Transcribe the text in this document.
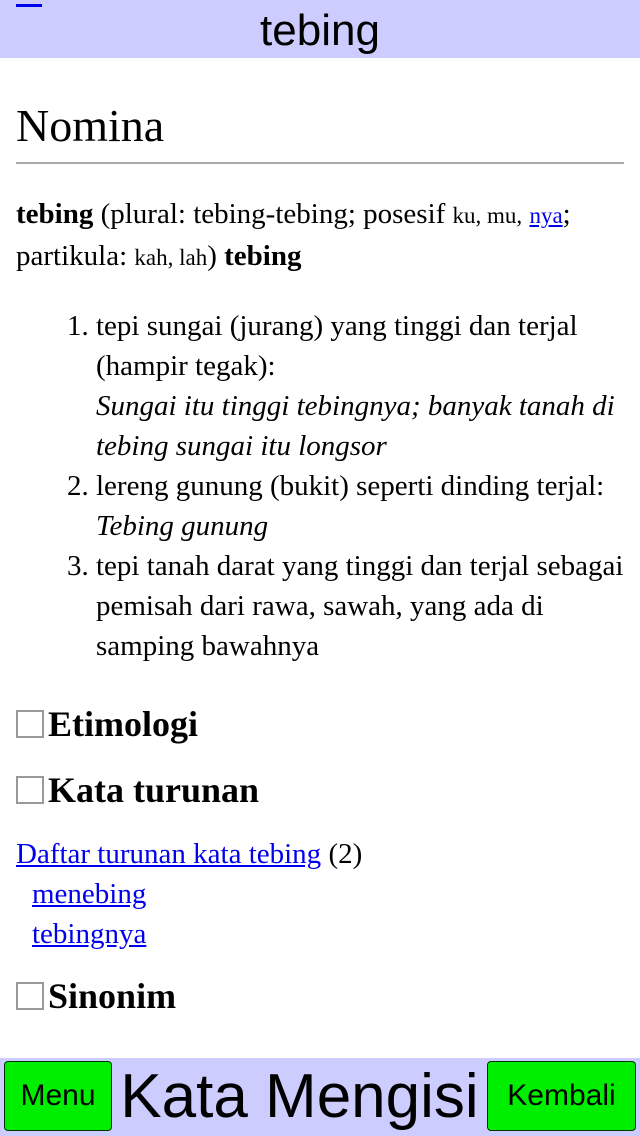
tebing
Nomina

tebing (plural: tebing-tebing; posesif ku, mu, nya; partikula: kah, lah) tebing

1. tepi sungai (jurang) yang tinggi dan terjal (hampir tegak):
Sungai itu tinggi tebingnya; banyak tanah di tebing sungai itu longsor
2. lereng gunung (bukit) seperti dinding terjal:
Tebing gunung
3. tepi tanah darat yang tinggi dan terjal sebagai pemisah dari rawa, sawah, yang ada di samping bawahnya
Etimologi
Kata turunan

Daftar turunan kata tebing (2)
menebing
tebingnya

Sinonim
Menu Kata Mengisi Kembali
